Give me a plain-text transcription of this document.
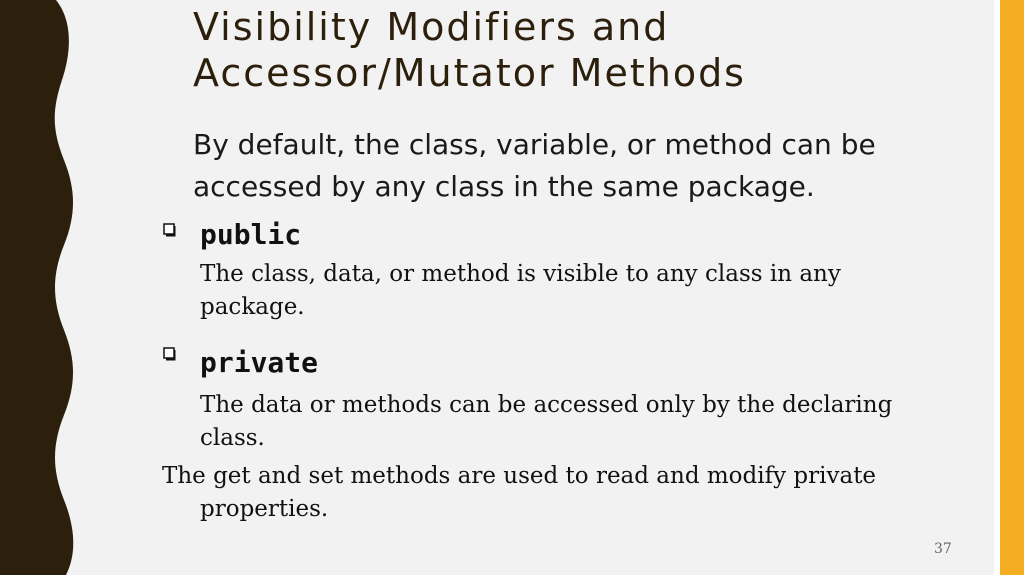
Visibility Modifiers and
Accessor/Mutator Methods
By default, the class, variable, or method can be accessed by any class in the same package.
public
The class, data, or method is visible to any class in any package.
private
The data or methods can be accessed only by the declaring class.
The get and set methods are used to read and modify private properties.
37
